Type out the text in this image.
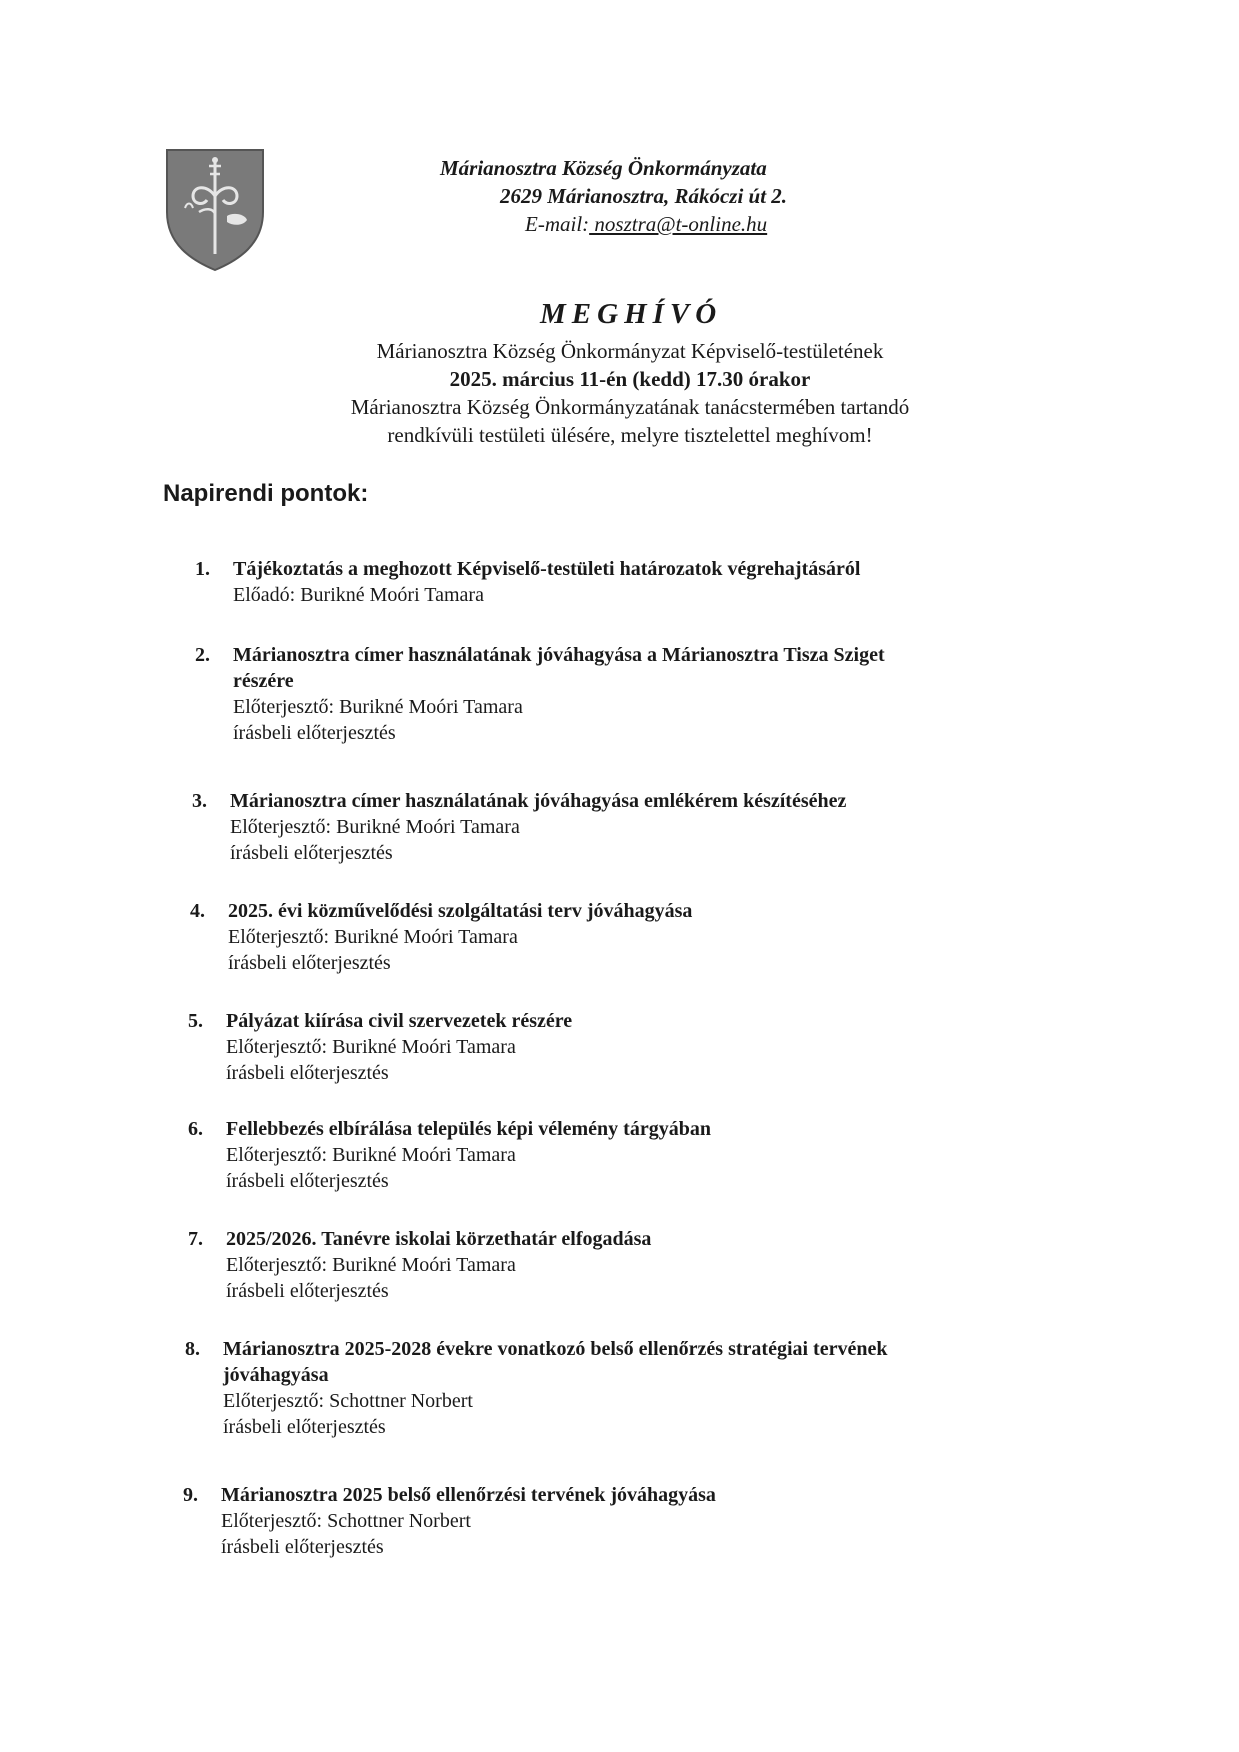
Márianosztra Község Önkormányzata
2629 Márianosztra, Rákóczi út 2.
E-mail: nosztra@t-online.hu
MEGHÍVÓ
Márianosztra Község Önkormányzat Képviselő-testületének
2025. március 11-én (kedd) 17.30 órakor
Márianosztra Község Önkormányzatának tanácstermében tartandó
rendkívüli testületi ülésére, melyre tisztelettel meghívom!
Napirendi pontok:
1. Tájékoztatás a meghozott Képviselő-testületi határozatok végrehajtásáról
Előadó: Burikné Moóri Tamara
2. Márianosztra címer használatának jóváhagyása a Márianosztra Tisza Sziget
részére
Előterjesztő: Burikné Moóri Tamara
írásbeli előterjesztés
3. Márianosztra címer használatának jóváhagyása emlékérem készítéséhez
Előterjesztő: Burikné Moóri Tamara
írásbeli előterjesztés
4. 2025. évi közművelődési szolgáltatási terv jóváhagyása
Előterjesztő: Burikné Moóri Tamara
írásbeli előterjesztés
5. Pályázat kiírása civil szervezetek részére
Előterjesztő: Burikné Moóri Tamara
írásbeli előterjesztés
6. Fellebbezés elbírálása település képi vélemény tárgyában
Előterjesztő: Burikné Moóri Tamara
írásbeli előterjesztés
7. 2025/2026. Tanévre iskolai körzethatár elfogadása
Előterjesztő: Burikné Moóri Tamara
írásbeli előterjesztés
8. Márianosztra 2025-2028 évekre vonatkozó belső ellenőrzés stratégiai tervének
jóváhagyása
Előterjesztő: Schottner Norbert
írásbeli előterjesztés
9. Márianosztra 2025 belső ellenőrzési tervének jóváhagyása
Előterjesztő: Schottner Norbert
írásbeli előterjesztés
